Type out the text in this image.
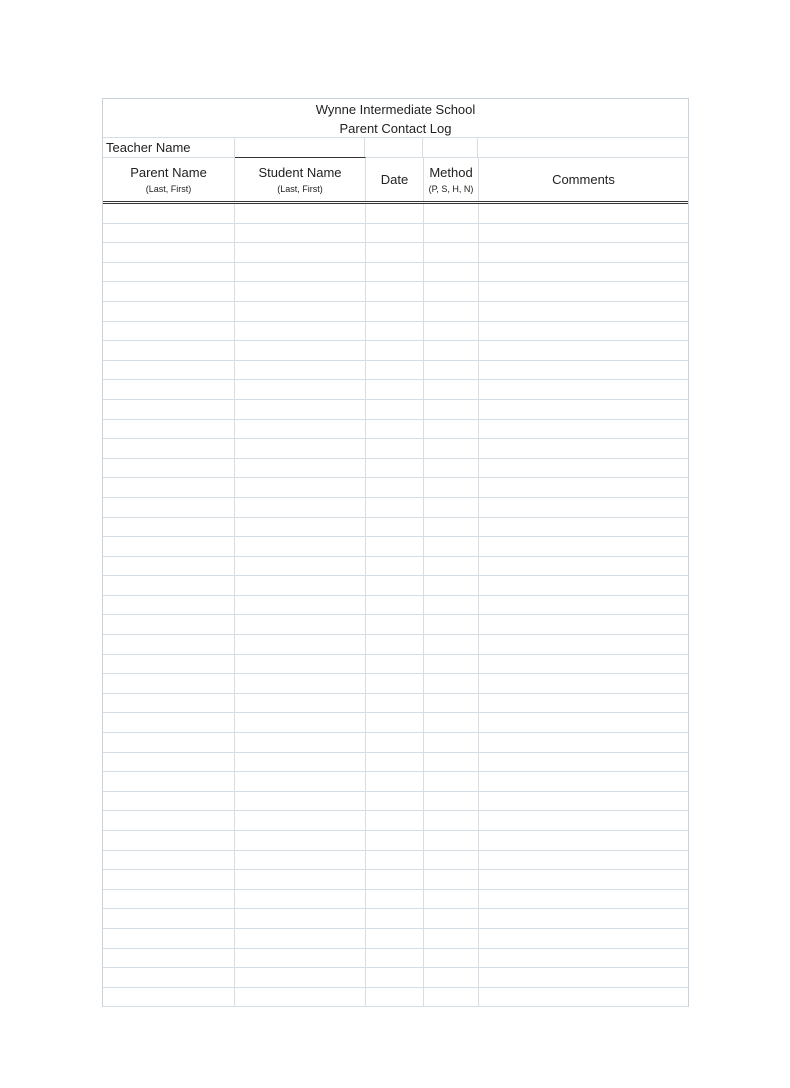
Wynne Intermediate School
Parent Contact Log
Teacher Name
Parent Name
(Last, First)
Student Name
(Last, First)
Date Method
(P, S, H, N)
Comments
